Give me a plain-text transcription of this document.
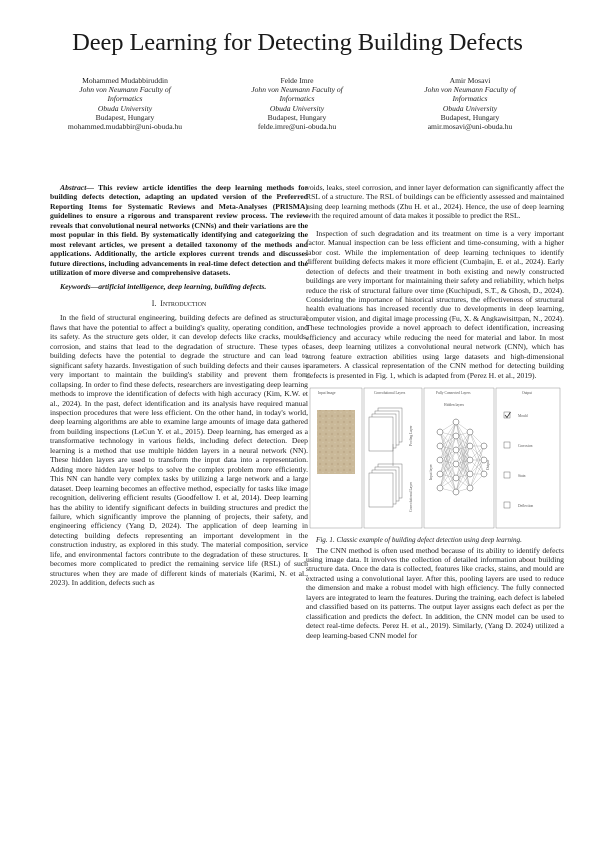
Deep Learning for Detecting Building Defects
Mohammed Mudabbiruddin
John von Neumann Faculty of
Informatics
Obuda University
Budapest, Hungary
mohammed.mudabbir@uni-obuda.hu
Felde Imre
John von Neumann Faculty of
Informatics
Obuda University
Budapest, Hungary
felde.imre@uni-obuda.hu
Amir Mosavi
John von Neumann Faculty of
Informatics
Obuda University
Budapest, Hungary
amir.mosavi@uni-obuda.hu

Abstract— This review article identifies the deep learning methods for building defects detection, adapting an updated version of the Preferred Reporting Items for Systematic Reviews and Meta-Analyses (PRISMA) guidelines to ensure a rigorous and transparent review process. The review reveals that convolutional neural networks (CNNs) and their variations are the most popular in this field. By systematically identifying and categorizing the most relevant articles, we present a detailed taxonomy of the methods and applications. Additionally, the article explores current trends and discusses future directions, including advancements in real-time defect detection and the utilization of more diverse and comprehensive datasets.

Keywords—artificial intelligence, deep learning, building defects.

I. Introduction

In the field of structural engineering, building defects are defined as structural flaws that have the potential to affect a building's quality, operating condition, and its safety. As the structure gets older, it can develop defects like cracks, moulds, corrosion, and stains that lead to the degradation of structure. These types of building defects have the potential to degrade the structure and can lead to significant safety hazards. Investigation of such building defects and their causes is very important to maintain the building's stability and prevent them from collapsing. In order to find these defects, researchers are investigating deep learning methods to improve the identification of defects with high accuracy (Kim, K.W. et al., 2024). In the past, defect identification and its analysis have required manual inspection procedures that were less efficient. On the other hand, in today's world, deep learning algorithms are able to examine large amounts of image data gathered from building inspections (LeCun Y. et al., 2015). Deep learning, has emerged as a transformative technology in various fields, including defect detection. Deep learning is a method that use multiple hidden layers in a neural network (NN). These hidden layers are used to transform the input data into a representation. Adding more hidden layer helps to solve the complex problem more efficiently. This NN can handle very complex tasks by utilizing a large network and a large dataset. Deep learning becomes an effective method, especially for tasks like image recognition, delivering efficient results (Goodfellow I. et al, 2014). Deep learning has the ability to identify significant defects in building structures and predict the failure, which significantly improve the planning of projects, their safety, and engineering efficiency (Yang D, 2024). The application of deep learning in detecting building defects representing an important development in the construction industry, as explored in this study. The material composition, service life, and environmental factors contribute to the degradation of these structures. It becomes more complicated to predict the remaining service life (RSL) of such structures when they are made of different kinds of materials (Karimi, N. et al., 2023). In addition, defects such as

voids, leaks, steel corrosion, and inner layer deformation can significantly affect the RSL of a structure. The RSL of buildings can be efficiently assessed and maintained using deep learning methods (Zhu H. et al., 2024). Hence, the use of deep learning with the required amount of data makes it possible to predict the RSL.

Inspection of such degradation and its treatment on time is a very important factor. Manual inspection can be less efficient and time-consuming, with a higher labor cost. While the implementation of deep learning techniques to identify different building defects makes it more efficient (Cumbajin, E. et al., 2024). Early detection of defects and their treatment in both existing and newly constructed buildings are very important for maintaining their safety and reliability, which helps reduce the risk of structural failure over time (Kuchipudi, S.T., & Ghosh, D., 2024). Considering the importance of historical structures, the effectiveness of structural health evaluations has increased recently due to developments in deep learning, computer vision, and digital image processing (Fu, X. & Angkawisittpan, N., 2024). These technologies provide a novel approach to defect identification, increasing efficiency and accuracy while reducing the need for material and labor. In most cases, deep learning utilizes a convolutional neural network (CNN), which has strong feature extraction abilities using large datasets and high-dimensional parameters. A classical representation of the CNN method for detecting building defects is presented in Fig. 1, which is adapted from (Perez H. et al., 2019).

Input Image	Convolutional Layers	Fully Connected Layers	Output
Pooling Layer
Convolutional Layer
Hidden layers
Input layer	Output
Mould
Corrosion
Stain
Deflection

Fig. 1. Classic example of building defect detection using deep learning.

The CNN method is often used method because of its ability to identify defects using image data. It involves the collection of detailed information about building structure data. Once the data is collected, features like cracks, stains, and mould are extracted using a convolutional layer. After this, pooling layers are used to reduce the dimension and make a robust model with high efficiency. The fully connected layers are integrated to learn the features. During the training, each defect is labeled and classified based on its patterns. The output layer assigns each defect as per the classification and predicts the defect. In addition, the CNN model can be used to detect real-time defects. Perez H. et al., 2019). Similarly, (Yang D. 2024) utilized a deep learning-based CNN model for
